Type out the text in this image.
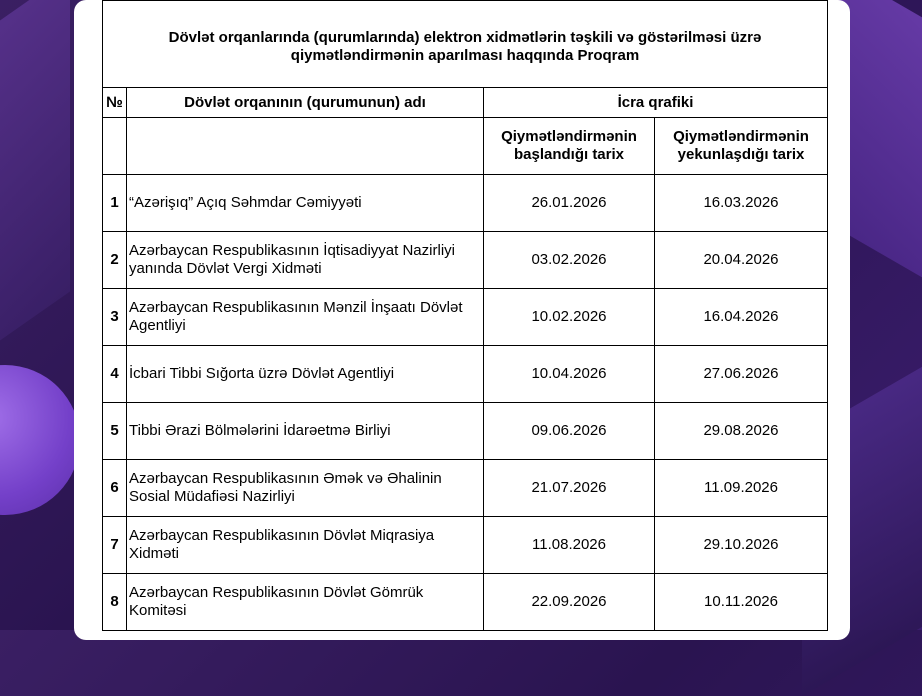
Dövlət orqanlarında (qurumlarında) elektron xidmətlərin təşkili və göstərilməsi üzrə qiymətləndirmənin aparılması haqqında Proqram			
№	Dövlət orqanının (qurumunun) adı	İcra qrafiki	
		Qiymətləndirmənin başlandığı tarix	Qiymətləndirmənin yekunlaşdığı tarix
1	“Azərişıq” Açıq Səhmdar Cəmiyyəti	26.01.2026	16.03.2026
2	Azərbaycan Respublikasının İqtisadiyyat Nazirliyi yanında Dövlət Vergi Xidməti	03.02.2026	20.04.2026
3	Azərbaycan Respublikasının Mənzil İnşaatı Dövlət Agentliyi	10.02.2026	16.04.2026
4	İcbari Tibbi Sığorta üzrə Dövlət Agentliyi	10.04.2026	27.06.2026
5	Tibbi Ərazi Bölmələrini İdarəetmə Birliyi	09.06.2026	29.08.2026
6	Azərbaycan Respublikasının Əmək və Əhalinin Sosial Müdafiəsi Nazirliyi	21.07.2026	11.09.2026
7	Azərbaycan Respublikasının Dövlət Miqrasiya Xidməti	11.08.2026	29.10.2026
8	Azərbaycan Respublikasının Dövlət Gömrük Komitəsi	22.09.2026	10.11.2026
